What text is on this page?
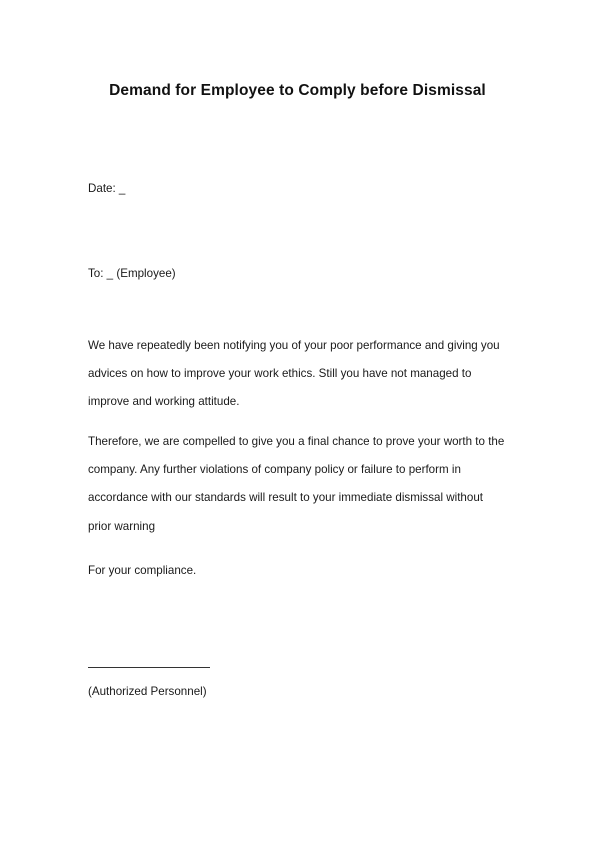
Demand for Employee to Comply before Dismissal
Date: _
To: _ (Employee)
We have repeatedly been notifying you of your poor performance and giving you
advices on how to improve your work ethics. Still you have not managed to
improve and working attitude.
Therefore, we are compelled to give you a final chance to prove your worth to the
company. Any further violations of company policy or failure to perform in
accordance with our standards will result to your immediate dismissal without
prior warning
For your compliance.
(Authorized Personnel)
